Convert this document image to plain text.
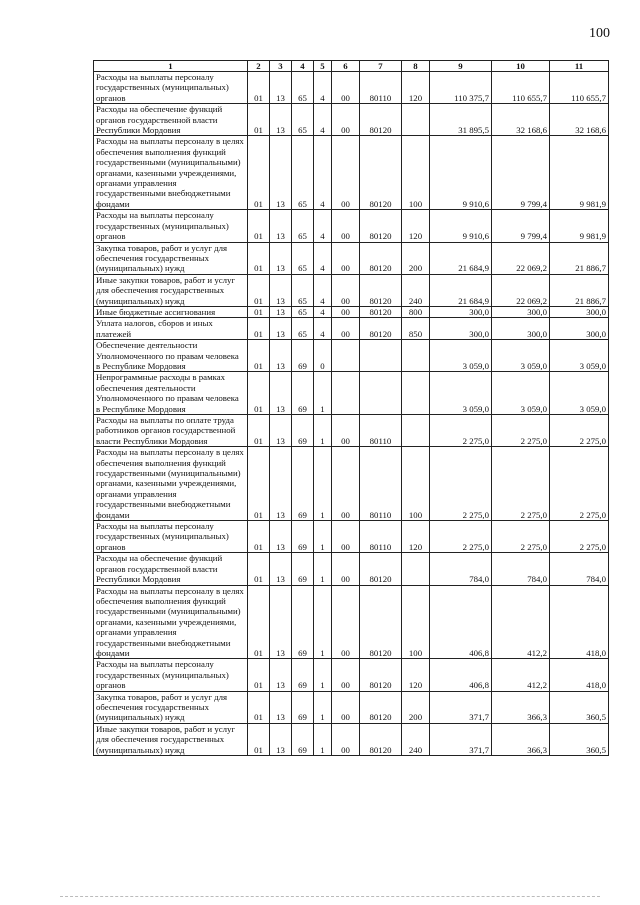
100
1	2	3	4	5	6	7	8	9	10	11
Расходы на выплаты персоналу государственных (муниципальных) органов	01	13	65	4	00	80110	120	110 375,7	110 655,7	110 655,7
Расходы на обеспечение функций органов государственной власти Республики Мордовия	01	13	65	4	00	80120		31 895,5	32 168,6	32 168,6
Расходы на выплаты персоналу в целях обеспечения выполнения функций государственными (муниципальными) органами, казенными учреждениями, органами управления государственными внебюджетными фондами	01	13	65	4	00	80120	100	9 910,6	9 799,4	9 981,9
Расходы на выплаты персоналу государственных (муниципальных) органов	01	13	65	4	00	80120	120	9 910,6	9 799,4	9 981,9
Закупка товаров, работ и услуг для обеспечения государственных (муниципальных) нужд	01	13	65	4	00	80120	200	21 684,9	22 069,2	21 886,7
Иные закупки товаров, работ и услуг для обеспечения государственных (муниципальных) нужд	01	13	65	4	00	80120	240	21 684,9	22 069,2	21 886,7
Иные бюджетные ассигнования	01	13	65	4	00	80120	800	300,0	300,0	300,0
Уплата налогов, сборов и иных платежей	01	13	65	4	00	80120	850	300,0	300,0	300,0
Обеспечение деятельности Уполномоченного по правам человека в Республике Мордовия	01	13	69	0				3 059,0	3 059,0	3 059,0
Непрограммные расходы в рамках обеспечения деятельности Уполномоченного по правам человека в Республике Мордовия	01	13	69	1				3 059,0	3 059,0	3 059,0
Расходы на выплаты по оплате труда работников органов государственной власти Республики Мордовия	01	13	69	1	00	80110		2 275,0	2 275,0	2 275,0
Расходы на выплаты персоналу в целях обеспечения выполнения функций государственными (муниципальными) органами, казенными учреждениями, органами управления государственными внебюджетными фондами	01	13	69	1	00	80110	100	2 275,0	2 275,0	2 275,0
Расходы на выплаты персоналу государственных (муниципальных) органов	01	13	69	1	00	80110	120	2 275,0	2 275,0	2 275,0
Расходы на обеспечение функций органов государственной власти Республики Мордовия	01	13	69	1	00	80120		784,0	784,0	784,0
Расходы на выплаты персоналу в целях обеспечения выполнения функций государственными (муниципальными) органами, казенными учреждениями, органами управления государственными внебюджетными фондами	01	13	69	1	00	80120	100	406,8	412,2	418,0
Расходы на выплаты персоналу государственных (муниципальных) органов	01	13	69	1	00	80120	120	406,8	412,2	418,0
Закупка товаров, работ и услуг для обеспечения государственных (муниципальных) нужд	01	13	69	1	00	80120	200	371,7	366,3	360,5
Иные закупки товаров, работ и услуг для обеспечения государственных (муниципальных) нужд	01	13	69	1	00	80120	240	371,7	366,3	360,5
